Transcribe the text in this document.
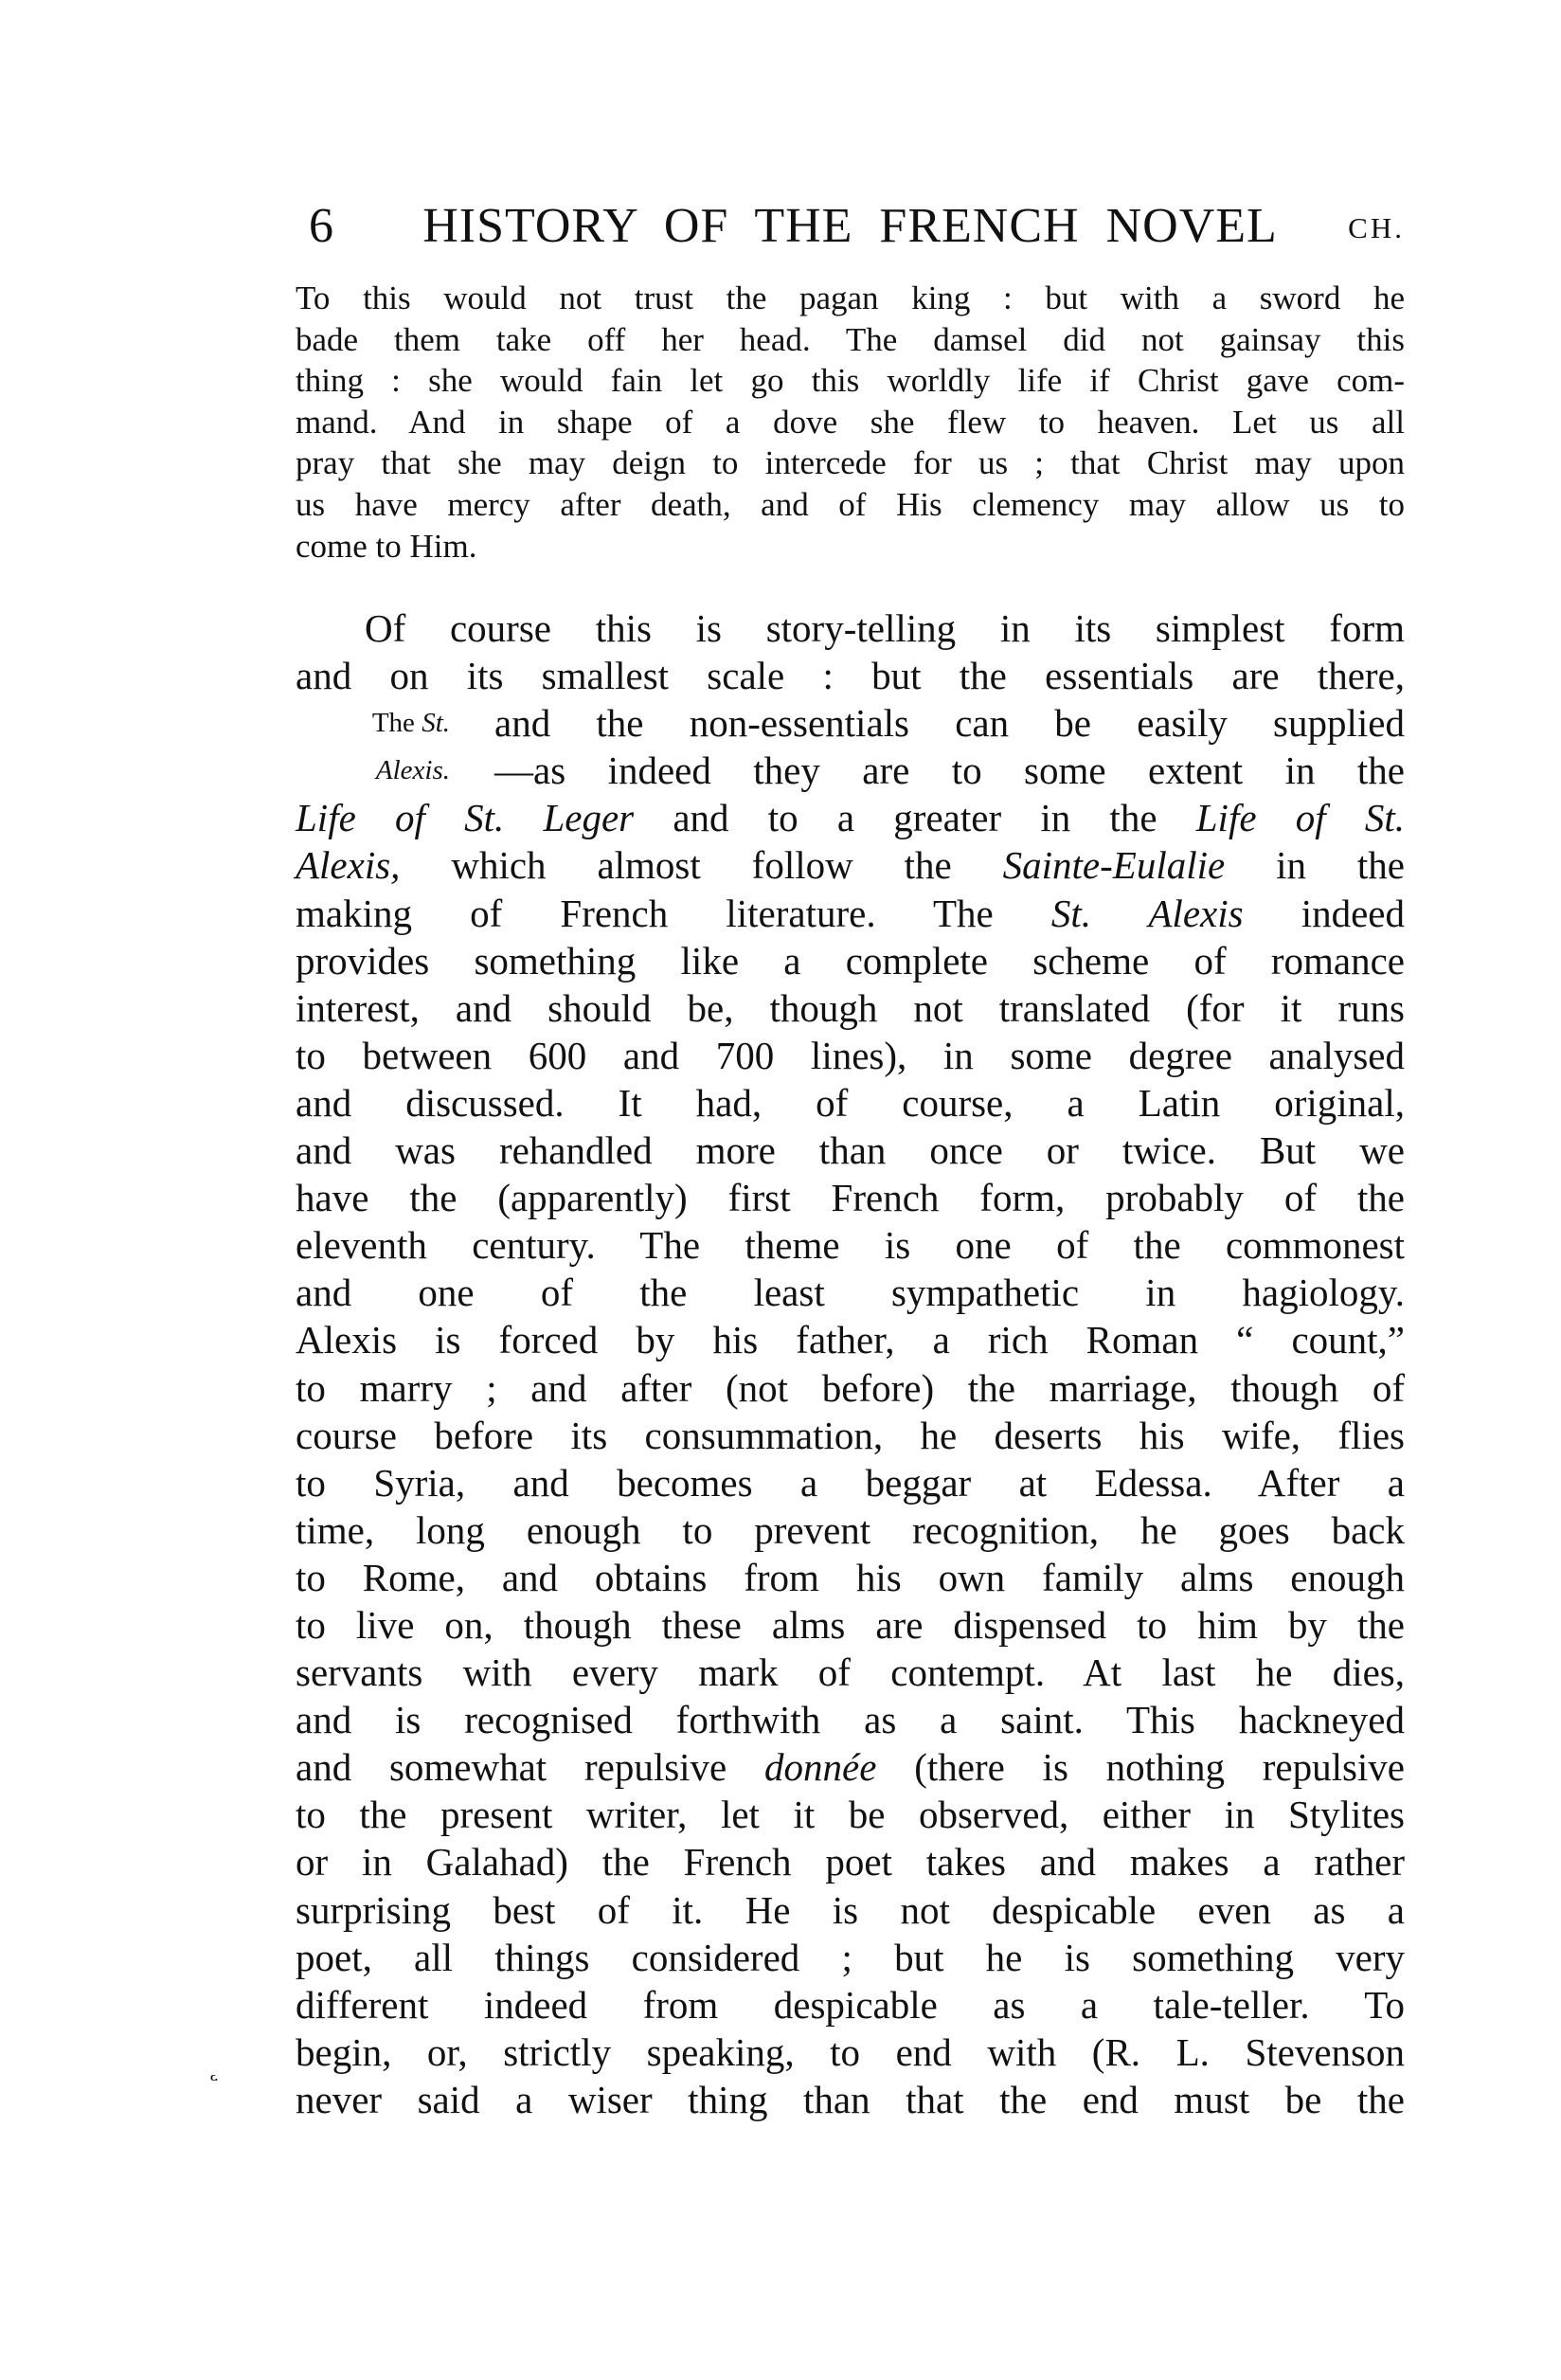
6	HISTORY OF THE FRENCH NOVEL	CH.
To this would not trust the pagan king : but with a sword he
bade them take off her head. The damsel did not gainsay this
thing : she would fain let go this worldly life if Christ gave com-
mand. And in shape of a dove she flew to heaven. Let us all
pray that she may deign to intercede for us ; that Christ may upon
us have mercy after death, and of His clemency may allow us to
come to Him.
The St.
Alexis.
Of course this is story-telling in its simplest form
and on its smallest scale : but the essentials are there,
and the non-essentials can be easily supplied
—as indeed they are to some extent in the
Life of St. Leger and to a greater in the Life of St.
Alexis, which almost follow the Sainte-Eulalie in the
making of French literature. The St. Alexis indeed
provides something like a complete scheme of romance
interest, and should be, though not translated (for it runs
to between 600 and 700 lines), in some degree analysed
and discussed. It had, of course, a Latin original,
and was rehandled more than once or twice. But we
have the (apparently) first French form, probably of the
eleventh century. The theme is one of the commonest
and one of the least sympathetic in hagiology.
Alexis is forced by his father, a rich Roman “ count,”
to marry ; and after (not before) the marriage, though of
course before its consummation, he deserts his wife, flies
to Syria, and becomes a beggar at Edessa. After a
time, long enough to prevent recognition, he goes back
to Rome, and obtains from his own family alms enough
to live on, though these alms are dispensed to him by the
servants with every mark of contempt. At last he dies,
and is recognised forthwith as a saint. This hackneyed
and somewhat repulsive donnée (there is nothing repulsive
to the present writer, let it be observed, either in Stylites
or in Galahad) the French poet takes and makes a rather
surprising best of it. He is not despicable even as a
poet, all things considered ; but he is something very
different indeed from despicable as a tale-teller. To
begin, or, strictly speaking, to end with (R. L. Stevenson
never said a wiser thing than that the end must be the
ϲ.
